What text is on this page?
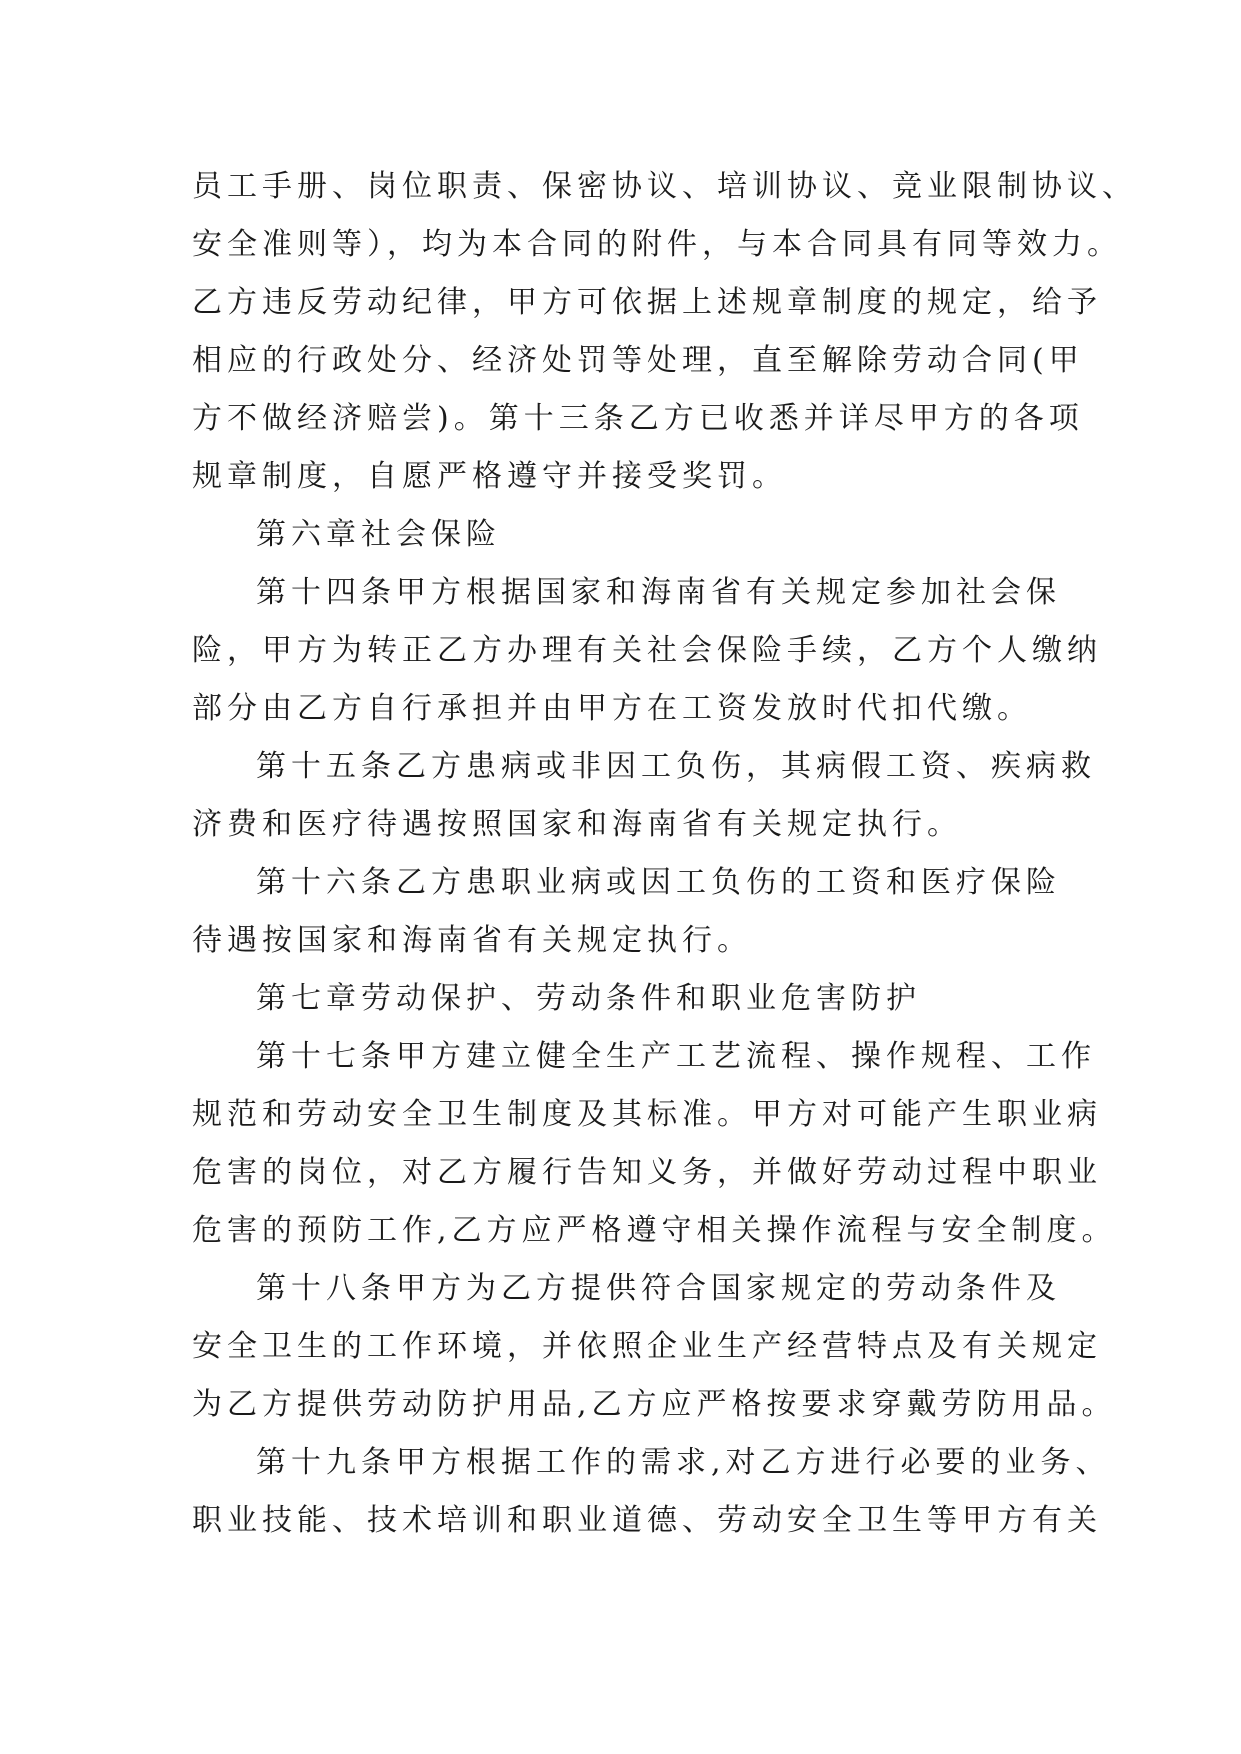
员工手册、岗位职责、保密协议、培训协议、竞业限制协议、

安全准则等），均为本合同的附件，与本合同具有同等效力。

乙方违反劳动纪律，甲方可依据上述规章制度的规定，给予

相应的行政处分、经济处罚等处理，直至解除劳动合同(甲

方不做经济赔尝)。第十三条乙方已收悉并详尽甲方的各项

规章制度，自愿严格遵守并接受奖罚。

第六章社会保险

第十四条甲方根据国家和海南省有关规定参加社会保

险，甲方为转正乙方办理有关社会保险手续，乙方个人缴纳

部分由乙方自行承担并由甲方在工资发放时代扣代缴。

第十五条乙方患病或非因工负伤，其病假工资、疾病救

济费和医疗待遇按照国家和海南省有关规定执行。

第十六条乙方患职业病或因工负伤的工资和医疗保险

待遇按国家和海南省有关规定执行。

第七章劳动保护、劳动条件和职业危害防护

第十七条甲方建立健全生产工艺流程、操作规程、工作

规范和劳动安全卫生制度及其标准。甲方对可能产生职业病

危害的岗位，对乙方履行告知义务，并做好劳动过程中职业

危害的预防工作,乙方应严格遵守相关操作流程与安全制度。

第十八条甲方为乙方提供符合国家规定的劳动条件及

安全卫生的工作环境，并依照企业生产经营特点及有关规定

为乙方提供劳动防护用品,乙方应严格按要求穿戴劳防用品。

第十九条甲方根据工作的需求,对乙方进行必要的业务、

职业技能、技术培训和职业道德、劳动安全卫生等甲方有关
